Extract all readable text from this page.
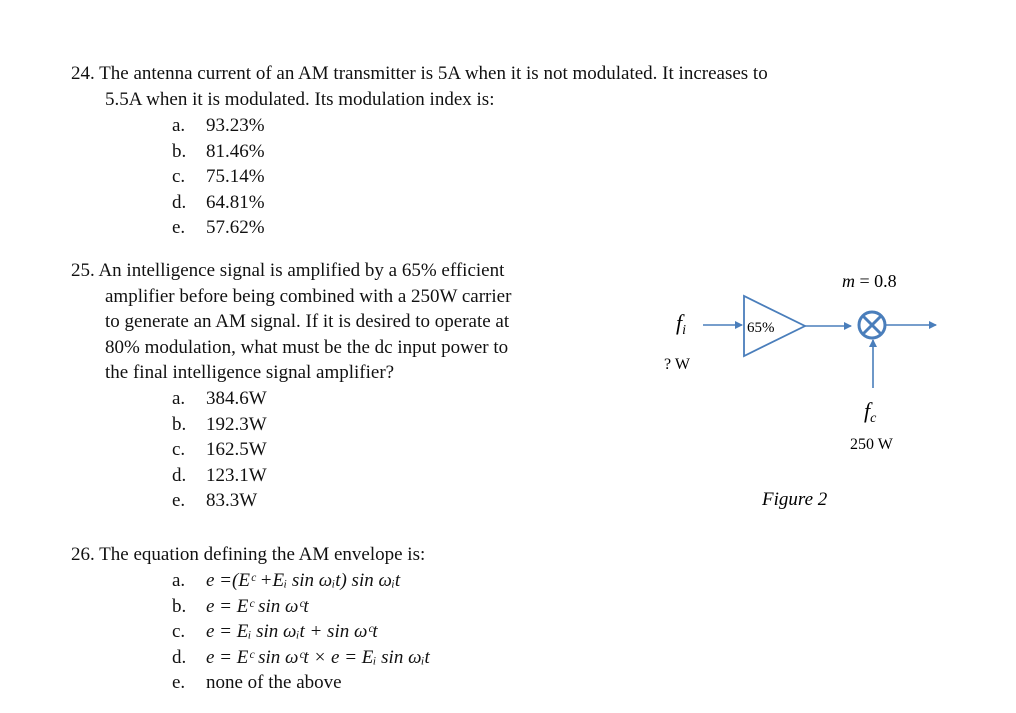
24. The antenna current of an AM transmitter is 5A when it is not modulated. It increases to
5.5A when it is modulated. Its modulation index is:
a. 93.23%
b. 81.46%
c. 75.14%
d. 64.81%
e. 57.62%
25. An intelligence signal is amplified by a 65% efficient
amplifier before being combined with a 250W carrier
to generate an AM signal. If it is desired to operate at
80% modulation, what must be the dc input power to
the final intelligence signal amplifier?
a. 384.6W
b. 192.3W
c. 162.5W
d. 123.1W
e. 83.3W
fi
? W
65%
m = 0.8
fc
250 W
Figure 2
26. The equation defining the AM envelope is:
a. e =(Eᶜ +Eᵢ sin ωᵢt) sin ωᵢt
b. e = Eᶜ sin ωᶜt
c. e = Eᵢ sin ωᵢt + sin ωᶜt
d. e = Eᶜ sin ωᶜt × e = Eᵢ sin ωᵢt
e. none of the above
